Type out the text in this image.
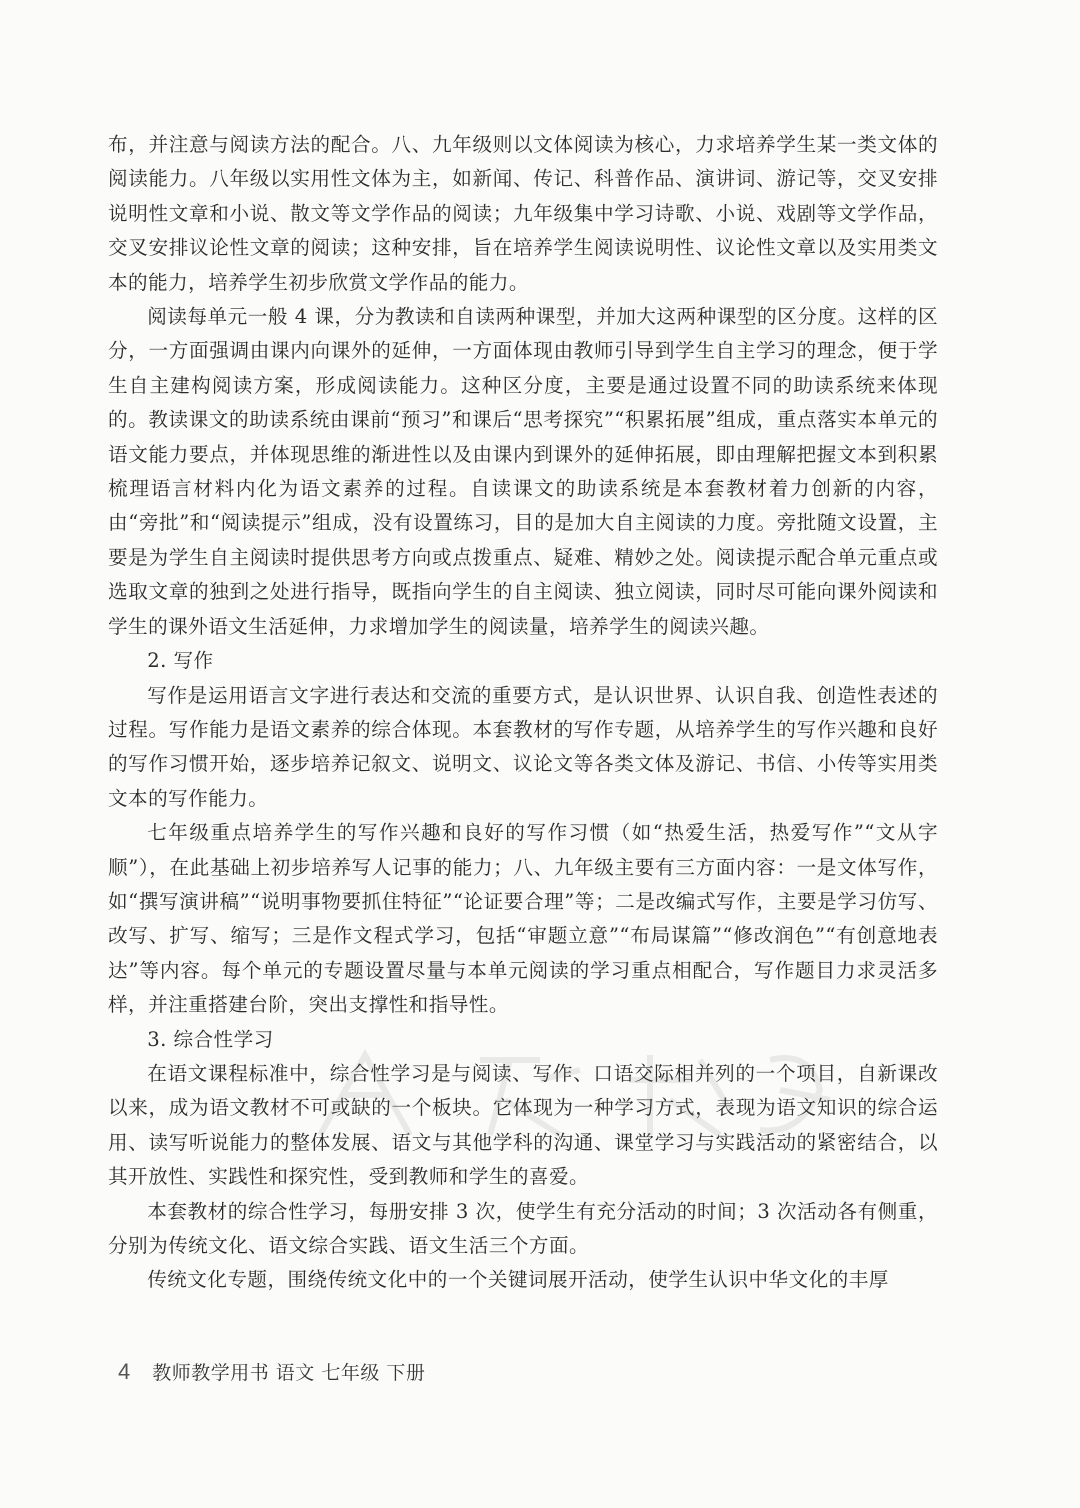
布，并注意与阅读方法的配合。八、九年级则以文体阅读为核心，力求培养学生某一类文体的阅读能力。八年级以实用性文体为主，如新闻、传记、科普作品、演讲词、游记等，交叉安排说明性文章和小说、散文等文学作品的阅读；九年级集中学习诗歌、小说、戏剧等文学作品，交叉安排议论性文章的阅读；这种安排，旨在培养学生阅读说明性、议论性文章以及实用类文本的能力，培养学生初步欣赏文学作品的能力。

阅读每单元一般 4 课，分为教读和自读两种课型，并加大这两种课型的区分度。这样的区分，一方面强调由课内向课外的延伸，一方面体现由教师引导到学生自主学习的理念，便于学生自主建构阅读方案，形成阅读能力。这种区分度，主要是通过设置不同的助读系统来体现的。教读课文的助读系统由课前“预习”和课后“思考探究”“积累拓展”组成，重点落实本单元的语文能力要点，并体现思维的渐进性以及由课内到课外的延伸拓展，即由理解把握文本到积累梳理语言材料内化为语文素养的过程。自读课文的助读系统是本套教材着力创新的内容，由“旁批”和“阅读提示”组成，没有设置练习，目的是加大自主阅读的力度。旁批随文设置，主要是为学生自主阅读时提供思考方向或点拨重点、疑难、精妙之处。阅读提示配合单元重点或选取文章的独到之处进行指导，既指向学生的自主阅读、独立阅读，同时尽可能向课外阅读和学生的课外语文生活延伸，力求增加学生的阅读量，培养学生的阅读兴趣。

2. 写作

写作是运用语言文字进行表达和交流的重要方式，是认识世界、认识自我、创造性表述的过程。写作能力是语文素养的综合体现。本套教材的写作专题，从培养学生的写作兴趣和良好的写作习惯开始，逐步培养记叙文、说明文、议论文等各类文体及游记、书信、小传等实用类文本的写作能力。

七年级重点培养学生的写作兴趣和良好的写作习惯（如“热爱生活，热爱写作”“文从字顺”），在此基础上初步培养写人记事的能力；八、九年级主要有三方面内容：一是文体写作，如“撰写演讲稿”“说明事物要抓住特征”“论证要合理”等；二是改编式写作，主要是学习仿写、改写、扩写、缩写；三是作文程式学习，包括“审题立意”“布局谋篇”“修改润色”“有创意地表达”等内容。每个单元的专题设置尽量与本单元阅读的学习重点相配合，写作题目力求灵活多样，并注重搭建台阶，突出支撑性和指导性。

3. 综合性学习

在语文课程标准中，综合性学习是与阅读、写作、口语交际相并列的一个项目，自新课改以来，成为语文教材不可或缺的一个板块。它体现为一种学习方式，表现为语文知识的综合运用、读写听说能力的整体发展、语文与其他学科的沟通、课堂学习与实践活动的紧密结合，以其开放性、实践性和探究性，受到教师和学生的喜爱。

本套教材的综合性学习，每册安排 3 次，使学生有充分活动的时间；3 次活动各有侧重，分别为传统文化、语文综合实践、语文生活三个方面。

传统文化专题，围绕传统文化中的一个关键词展开活动，使学生认识中华文化的丰厚

4 教师教学用书 语文 七年级 下册
